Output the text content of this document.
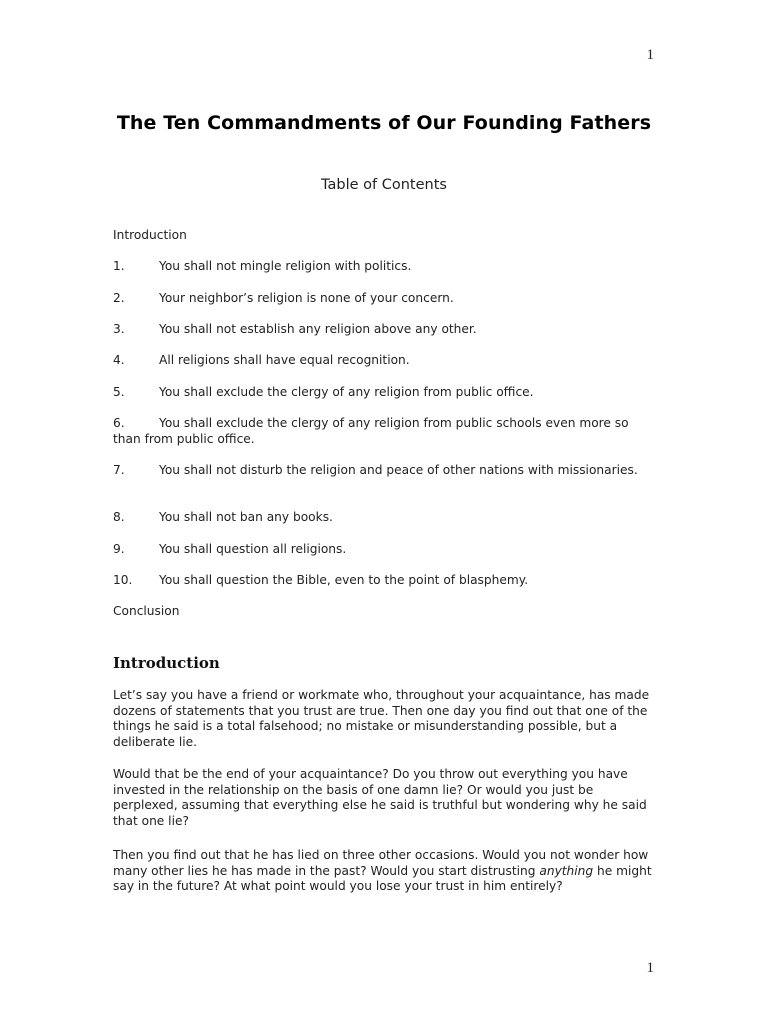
1
The Ten Commandments of Our Founding Fathers
Table of Contents
Introduction
1.	You shall not mingle religion with politics.
2.	Your neighbor’s religion is none of your concern.
3.	You shall not establish any religion above any other.
4.	All religions shall have equal recognition.
5.	You shall exclude the clergy of any religion from public office.
6.	You shall exclude the clergy of any religion from public schools even more so than from public office.
7.	You shall not disturb the religion and peace of other nations with missionaries.
8.	You shall not ban any books.
9.	You shall question all religions.
10. You shall question the Bible, even to the point of blasphemy.
Conclusion
Introduction

Let’s say you have a friend or workmate who, throughout your acquaintance, has made dozens of statements that you trust are true. Then one day you find out that one of the things he said is a total falsehood; no mistake or misunderstanding possible, but a deliberate lie.

Would that be the end of your acquaintance? Do you throw out everything you have invested in the relationship on the basis of one damn lie? Or would you just be perplexed, assuming that everything else he said is truthful but wondering why he said that one lie?

Then you find out that he has lied on three other occasions. Would you not wonder how many other lies he has made in the past? Would you start distrusting anything he might say in the future? At what point would you lose your trust in him entirely?

1
